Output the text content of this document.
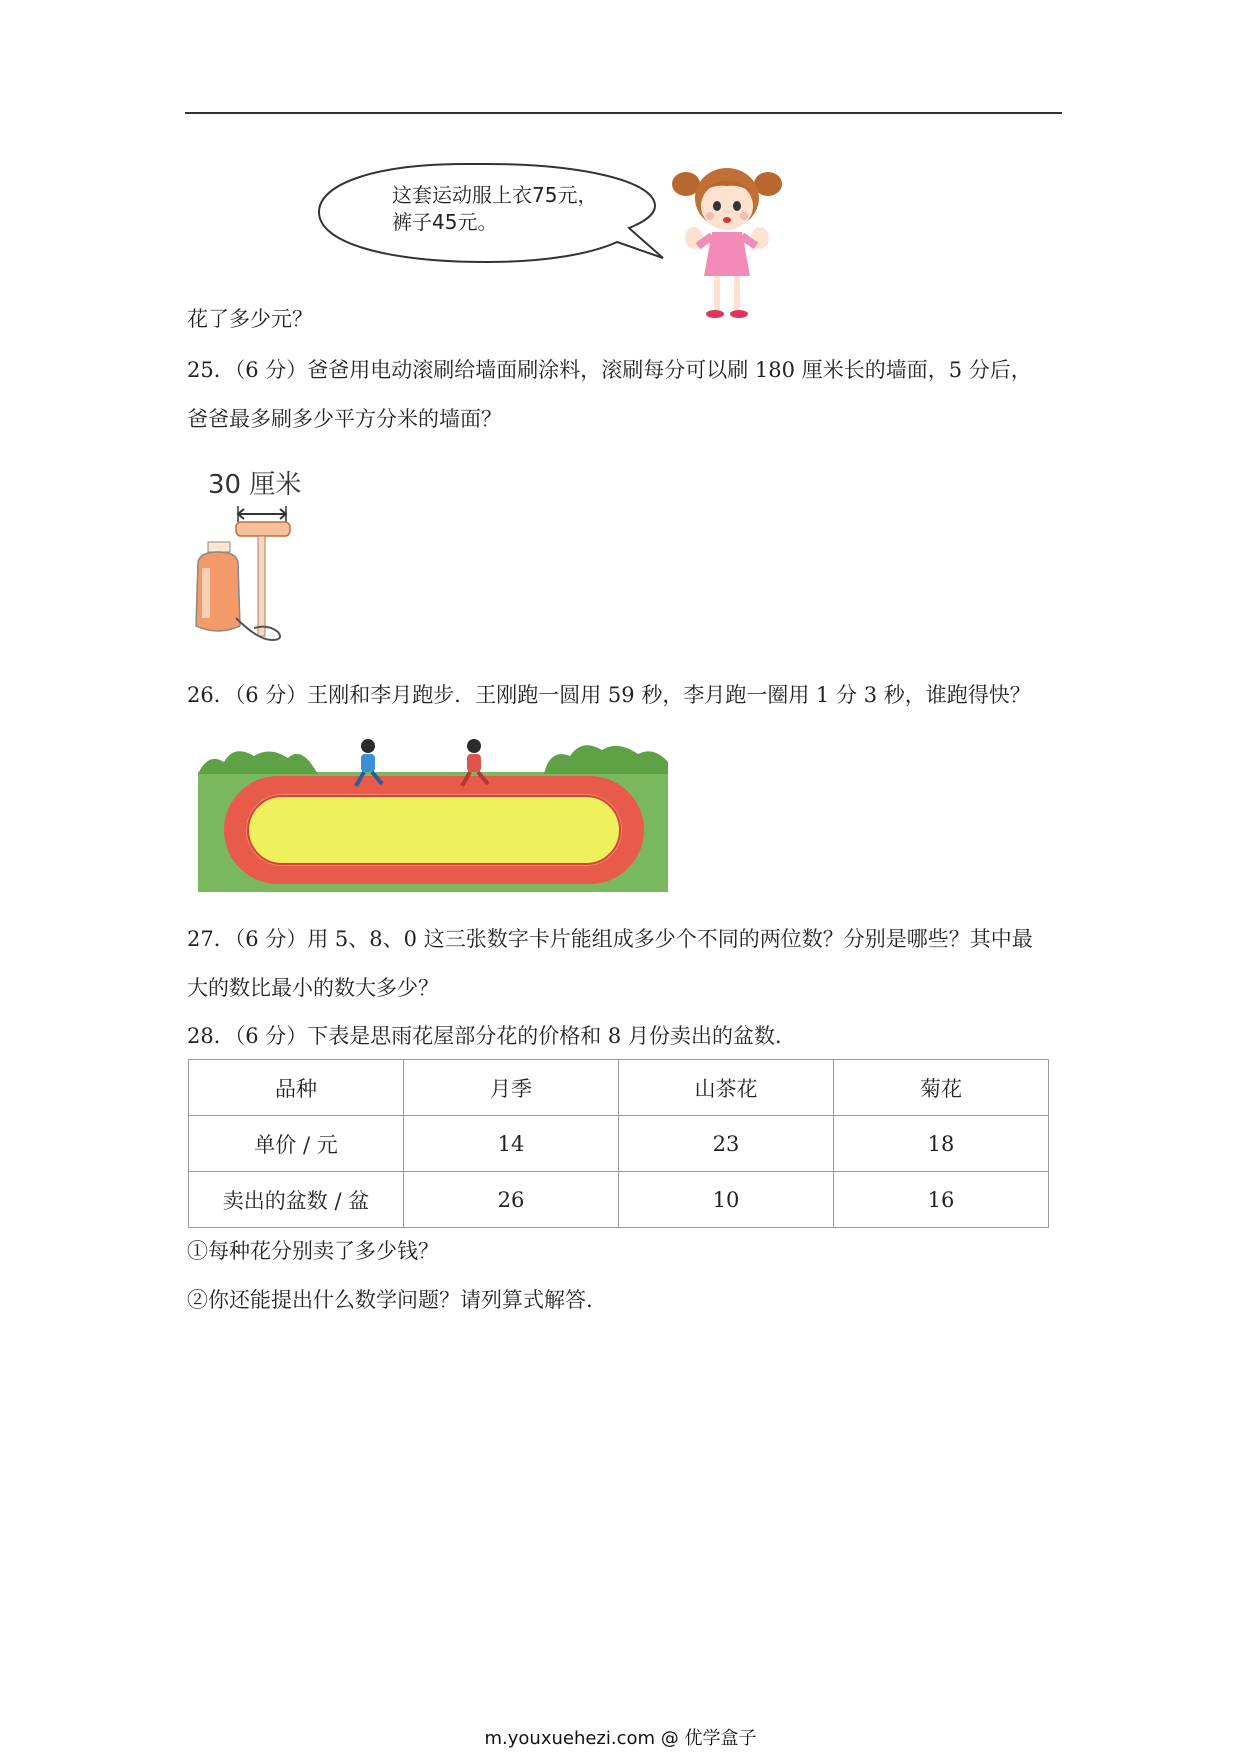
这套运动服上衣75元，
裤子45元。
花了多少元？
25．（6 分）爸爸用电动滚刷给墙面刷涂料，滚刷每分可以刷 180 厘米长的墙面，5 分后，
爸爸最多刷多少平方分米的墙面？
30 厘米
26．（6 分）王刚和李月跑步．王刚跑一圆用 59 秒，李月跑一圈用 1 分 3 秒，谁跑得快？
27．（6 分）用 5、8、0 这三张数字卡片能组成多少个不同的两位数？分别是哪些？其中最
大的数比最小的数大多少？
28．（6 分）下表是思雨花屋部分花的价格和 8 月份卖出的盆数．
品种	月季	山茶花	菊花
单价 / 元	14	23	18
卖出的盆数 / 盆	26	10	16
①每种花分别卖了多少钱？
②你还能提出什么数学问题？请列算式解答.
m.youxuehezi.com @ 优学盒子
